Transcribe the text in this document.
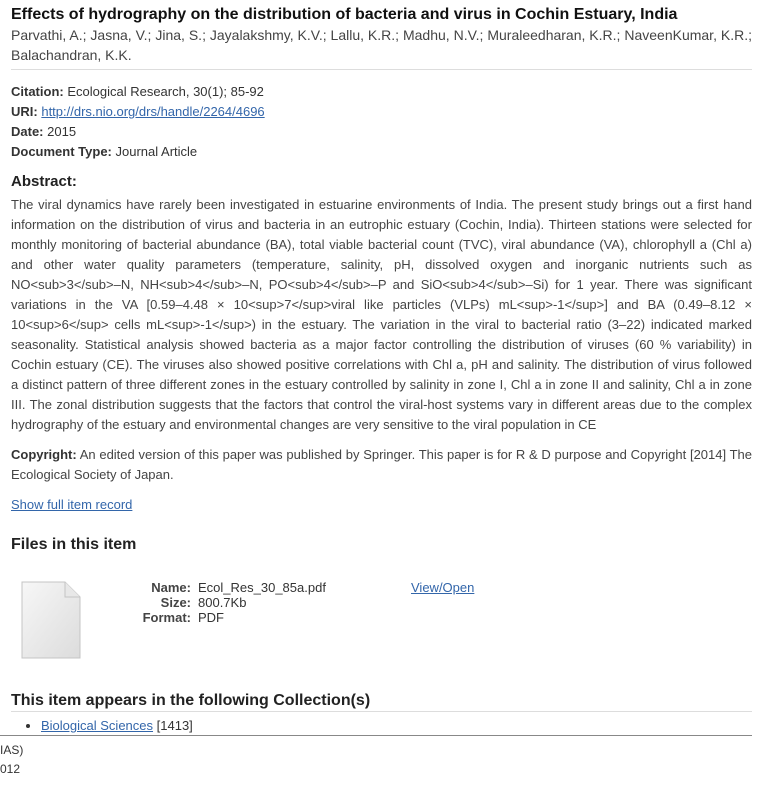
Effects of hydrography on the distribution of bacteria and virus in Cochin Estuary, India
Parvathi, A.; Jasna, V.; Jina, S.; Jayalakshmy, K.V.; Lallu, K.R.; Madhu, N.V.; Muraleedharan, K.R.; NaveenKumar, K.R.; Balachandran, K.K.
Citation: Ecological Research, 30(1); 85-92
URI: http://drs.nio.org/drs/handle/2264/4696
Date: 2015
Document Type: Journal Article
Abstract:
The viral dynamics have rarely been investigated in estuarine environments of India. The present study brings out a first hand information on the distribution of virus and bacteria in an eutrophic estuary (Cochin, India). Thirteen stations were selected for monthly monitoring of bacterial abundance (BA), total viable bacterial count (TVC), viral abundance (VA), chlorophyll a (Chl a) and other water quality parameters (temperature, salinity, pH, dissolved oxygen and inorganic nutrients such as NO<sub>3</sub>–N, NH<sub>4</sub>–N, PO<sub>4</sub>–P and SiO<sub>4</sub>–Si) for 1 year. There was significant variations in the VA [0.59–4.48 × 10<sup>7</sup>viral like particles (VLPs) mL<sup>-1</sup>] and BA (0.49–8.12 × 10<sup>6</sup> cells mL<sup>-1</sup>) in the estuary. The variation in the viral to bacterial ratio (3–22) indicated marked seasonality. Statistical analysis showed bacteria as a major factor controlling the distribution of viruses (60 % variability) in Cochin estuary (CE). The viruses also showed positive correlations with Chl a, pH and salinity. The distribution of virus followed a distinct pattern of three different zones in the estuary controlled by salinity in zone I, Chl a in zone II and salinity, Chl a in zone III. The zonal distribution suggests that the factors that control the viral-host systems vary in different areas due to the complex hydrography of the estuary and environmental changes are very sensitive to the viral population in CE
Copyright: An edited version of this paper was published by Springer. This paper is for R & D purpose and Copyright [2014] The Ecological Society of Japan.
Show full item record
Files in this item
Name: Ecol_Res_30_85a.pdf
Size: 800.7Kb
Format: PDF
View/Open
This item appears in the following Collection(s)
• Biological Sciences [1413]
IAS)
012
